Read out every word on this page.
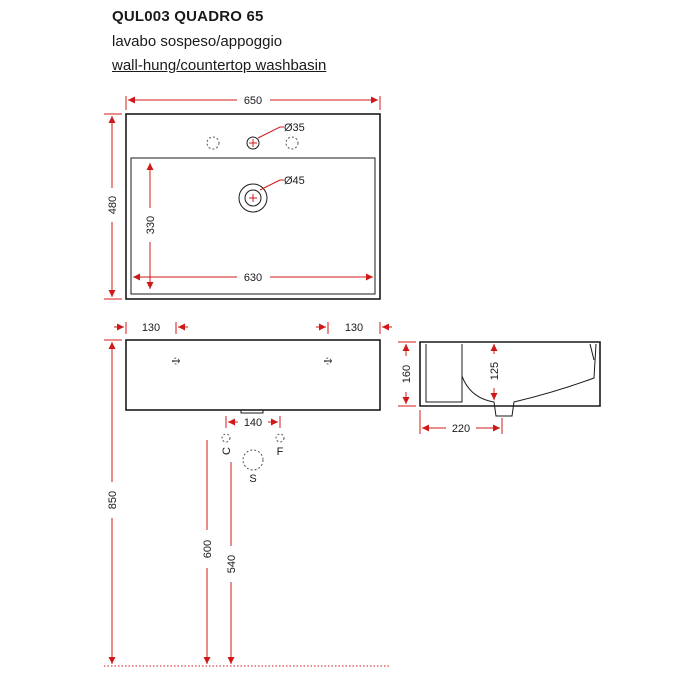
QUL003 QUADRO 65
lavabo sospeso/appoggio
wall-hung/countertop washbasin
650
480
330
630
Ø35
Ø45
130	130
140
C	F
S
850
600
540
160	125
220
